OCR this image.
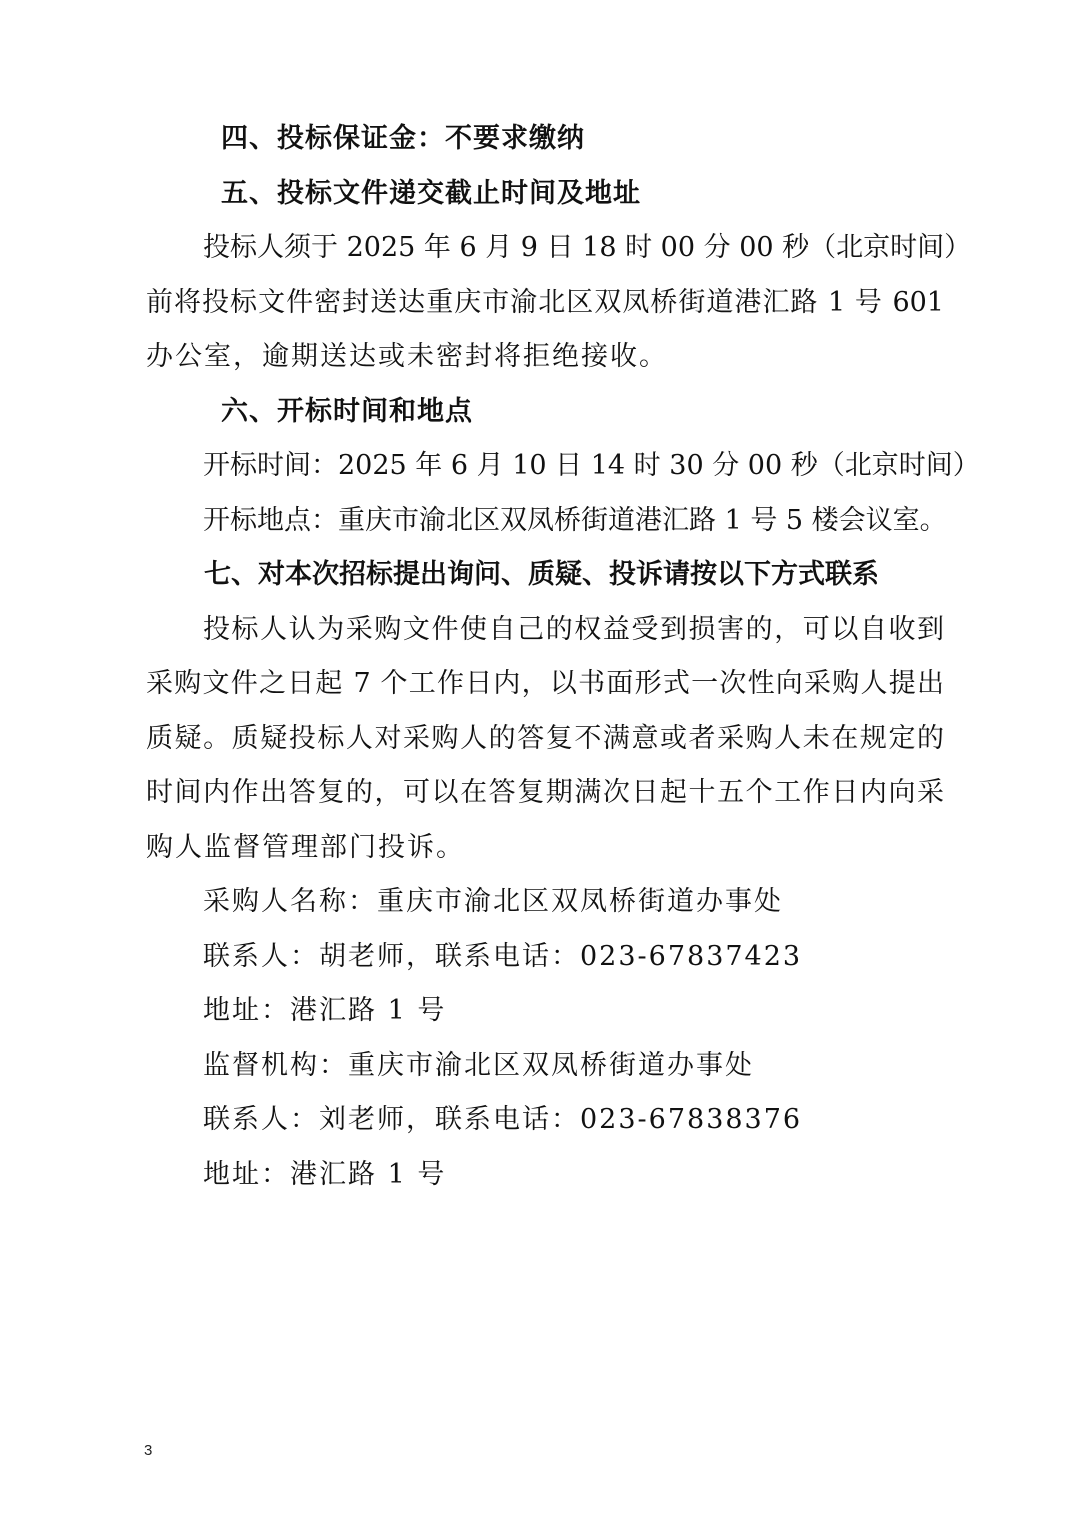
四、投标保证金：不要求缴纳
五、投标文件递交截止时间及地址
投标人须于 2025 年 6 月 9 日 18 时 00 分 00 秒（北京时间）
前将投标文件密封送达重庆市渝北区双凤桥街道港汇路 1 号 601
办公室，逾期送达或未密封将拒绝接收。
六、开标时间和地点
开标时间：2025 年 6 月 10 日 14 时 30 分 00 秒（北京时间）
开标地点：重庆市渝北区双凤桥街道港汇路 1 号 5 楼会议室。
七、对本次招标提出询问、质疑、投诉请按以下方式联系
投标人认为采购文件使自己的权益受到损害的，可以自收到
采购文件之日起 7 个工作日内，以书面形式一次性向采购人提出
质疑。质疑投标人对采购人的答复不满意或者采购人未在规定的
时间内作出答复的，可以在答复期满次日起十五个工作日内向采
购人监督管理部门投诉。
采购人名称：重庆市渝北区双凤桥街道办事处
联系人：胡老师，联系电话：023-67837423
地址：港汇路 1 号
监督机构：重庆市渝北区双凤桥街道办事处
联系人：刘老师，联系电话：023-67838376
地址：港汇路 1 号
3
